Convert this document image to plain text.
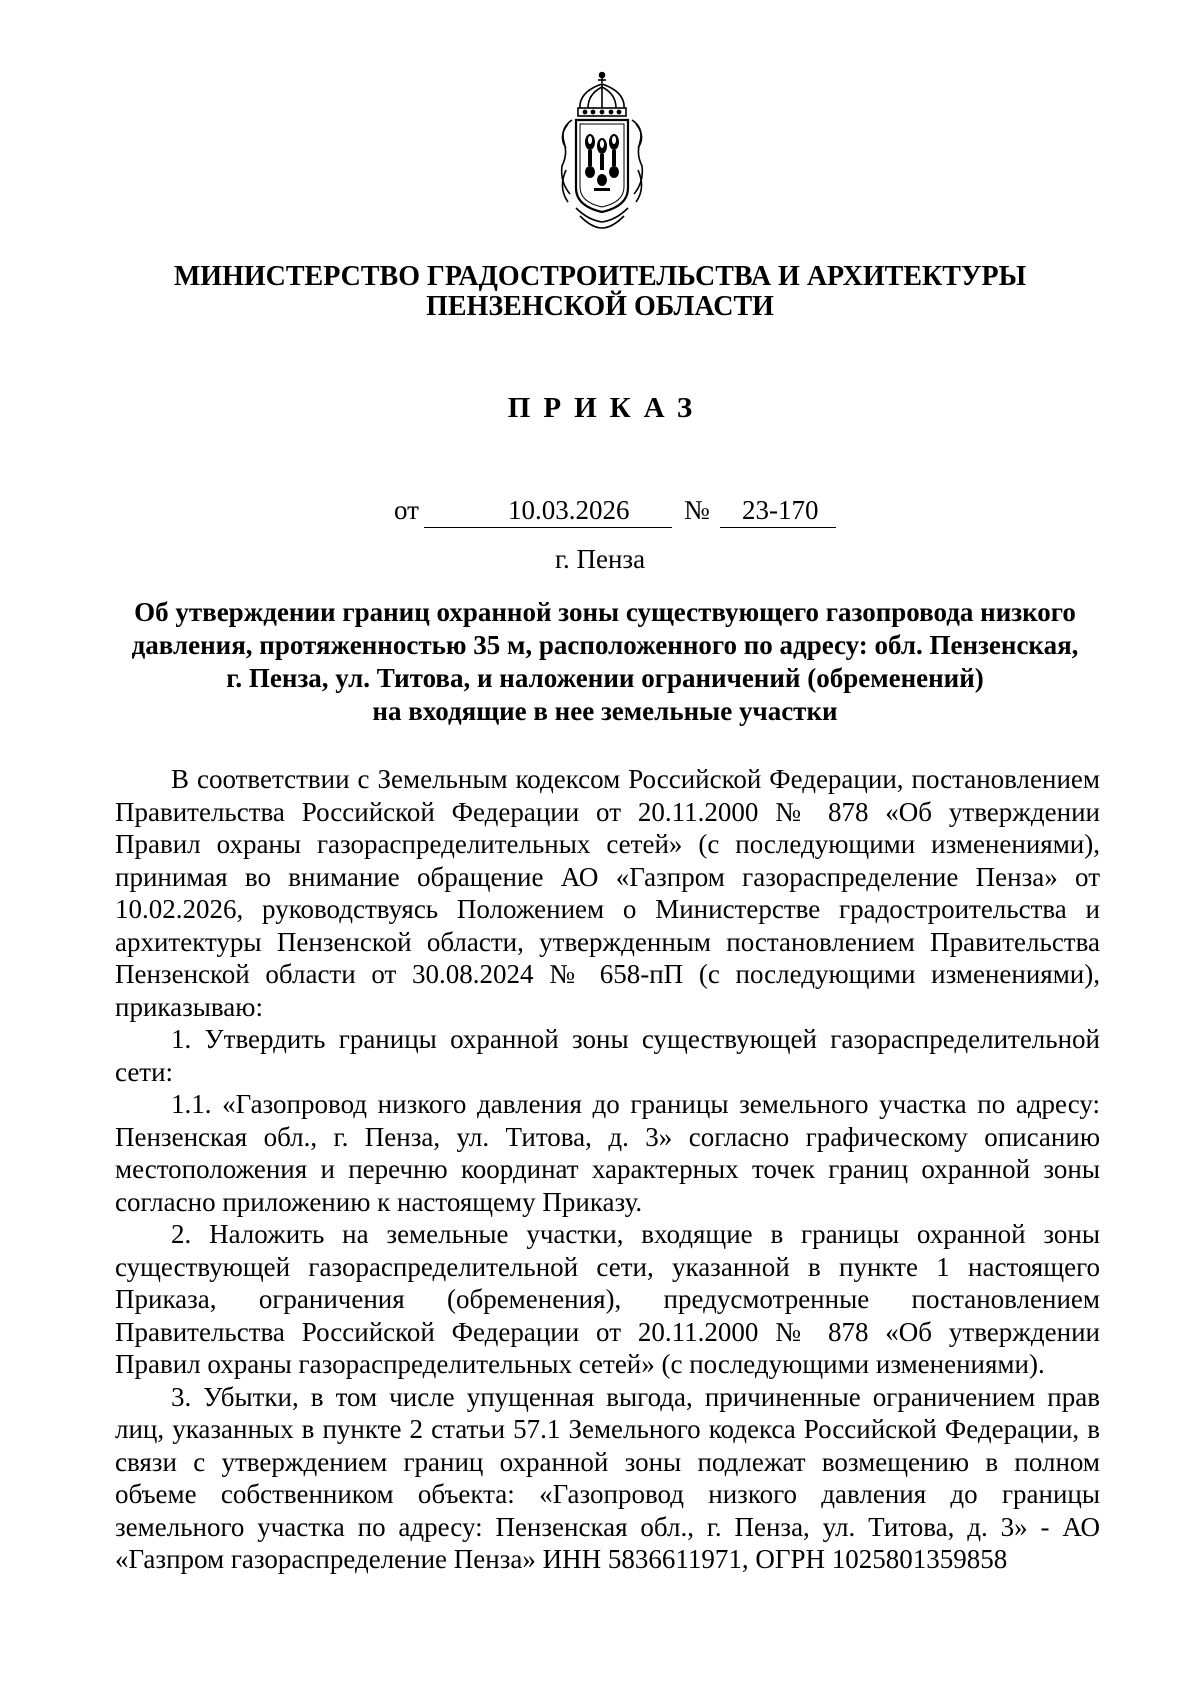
МИНИСТЕРСТВО ГРАДОСТРОИТЕЛЬСТВА И АРХИТЕКТУРЫ
ПЕНЗЕНСКОЙ ОБЛАСТИ
ПРИКАЗ
от	10.03.2026 № 23-170
г. Пенза
Об утверждении границ охранной зоны существующего газопровода низкого
давления, протяженностью 35 м, расположенного по адресу: обл. Пензенская,
г. Пенза, ул. Титова, и наложении ограничений (обременений)
на входящие в нее земельные участки

В соответствии с Земельным кодексом Российской Федерации, постановлением Правительства Российской Федерации от 20.11.2000 № 878 «Об утверждении Правил охраны газораспределительных сетей» (с последующими изменениями), принимая во внимание обращение АО «Газпром газораспределение Пенза» от 10.02.2026, руководствуясь Положением о Министерстве градостроительства и архитектуры Пензенской области, утвержденным постановлением Правительства Пензенской области от 30.08.2024 № 658-пП (с последующими изменениями), приказываю:

1. Утвердить границы охранной зоны существующей газораспределительной сети:

1.1. «Газопровод низкого давления до границы земельного участка по адресу: Пензенская обл., г. Пенза, ул. Титова, д. 3» согласно графическому описанию местоположения и перечню координат характерных точек границ охранной зоны согласно приложению к настоящему Приказу.

2. Наложить на земельные участки, входящие в границы охранной зоны существующей газораспределительной сети, указанной в пункте 1 настоящего Приказа, ограничения (обременения), предусмотренные постановлением Правительства Российской Федерации от 20.11.2000 № 878 «Об утверждении Правил охраны газораспределительных сетей» (с последующими изменениями).

3. Убытки, в том числе упущенная выгода, причиненные ограничением прав лиц, указанных в пункте 2 статьи 57.1 Земельного кодекса Российской Федерации, в связи с утверждением границ охранной зоны подлежат возмещению в полном объеме собственником объекта: «Газопровод низкого давления до границы земельного участка по адресу: Пензенская обл., г. Пенза, ул. Титова, д. 3» - АО «Газпром газораспределение Пенза» ИНН 5836611971, ОГРН 1025801359858
